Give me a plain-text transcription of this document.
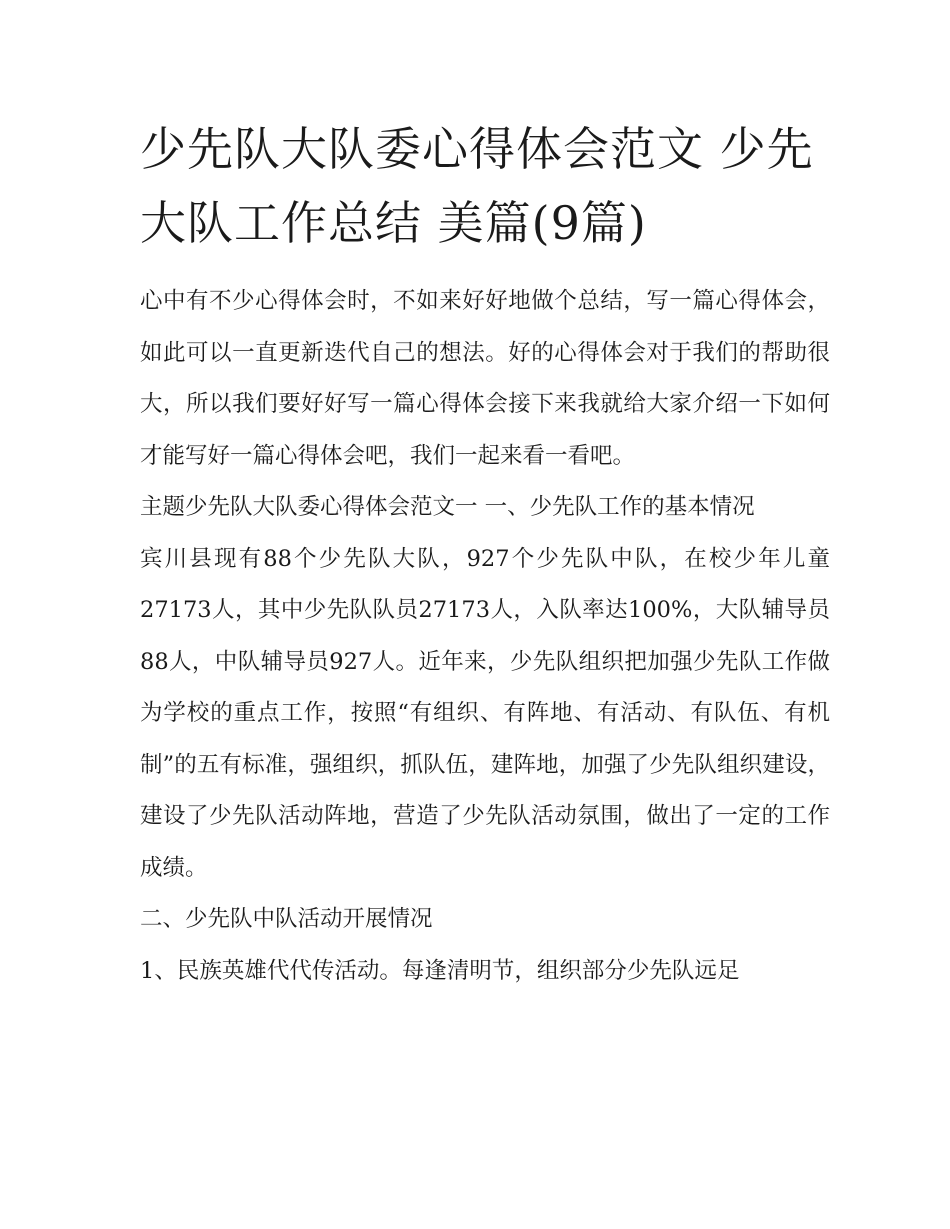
少先队大队委心得体会范文 少先大队工作总结 美篇(9篇)

心中有不少心得体会时，不如来好好地做个总结，写一篇心得体会，如此可以一直更新迭代自己的想法。好的心得体会对于我们的帮助很大，所以我们要好好写一篇心得体会接下来我就给大家介绍一下如何才能写好一篇心得体会吧，我们一起来看一看吧。

主题少先队大队委心得体会范文一 一、少先队工作的基本情况

宾川县现有88个少先队大队，927个少先队中队，在校少年儿童27173人，其中少先队队员27173人，入队率达100%，大队辅导员88人，中队辅导员927人。近年来，少先队组织把加强少先队工作做为学校的重点工作，按照“有组织、有阵地、有活动、有队伍、有机制”的五有标准，强组织，抓队伍，建阵地，加强了少先队组织建设，建设了少先队活动阵地，营造了少先队活动氛围，做出了一定的工作成绩。

二、少先队中队活动开展情况

1、民族英雄代代传活动。每逢清明节，组织部分少先队远足
